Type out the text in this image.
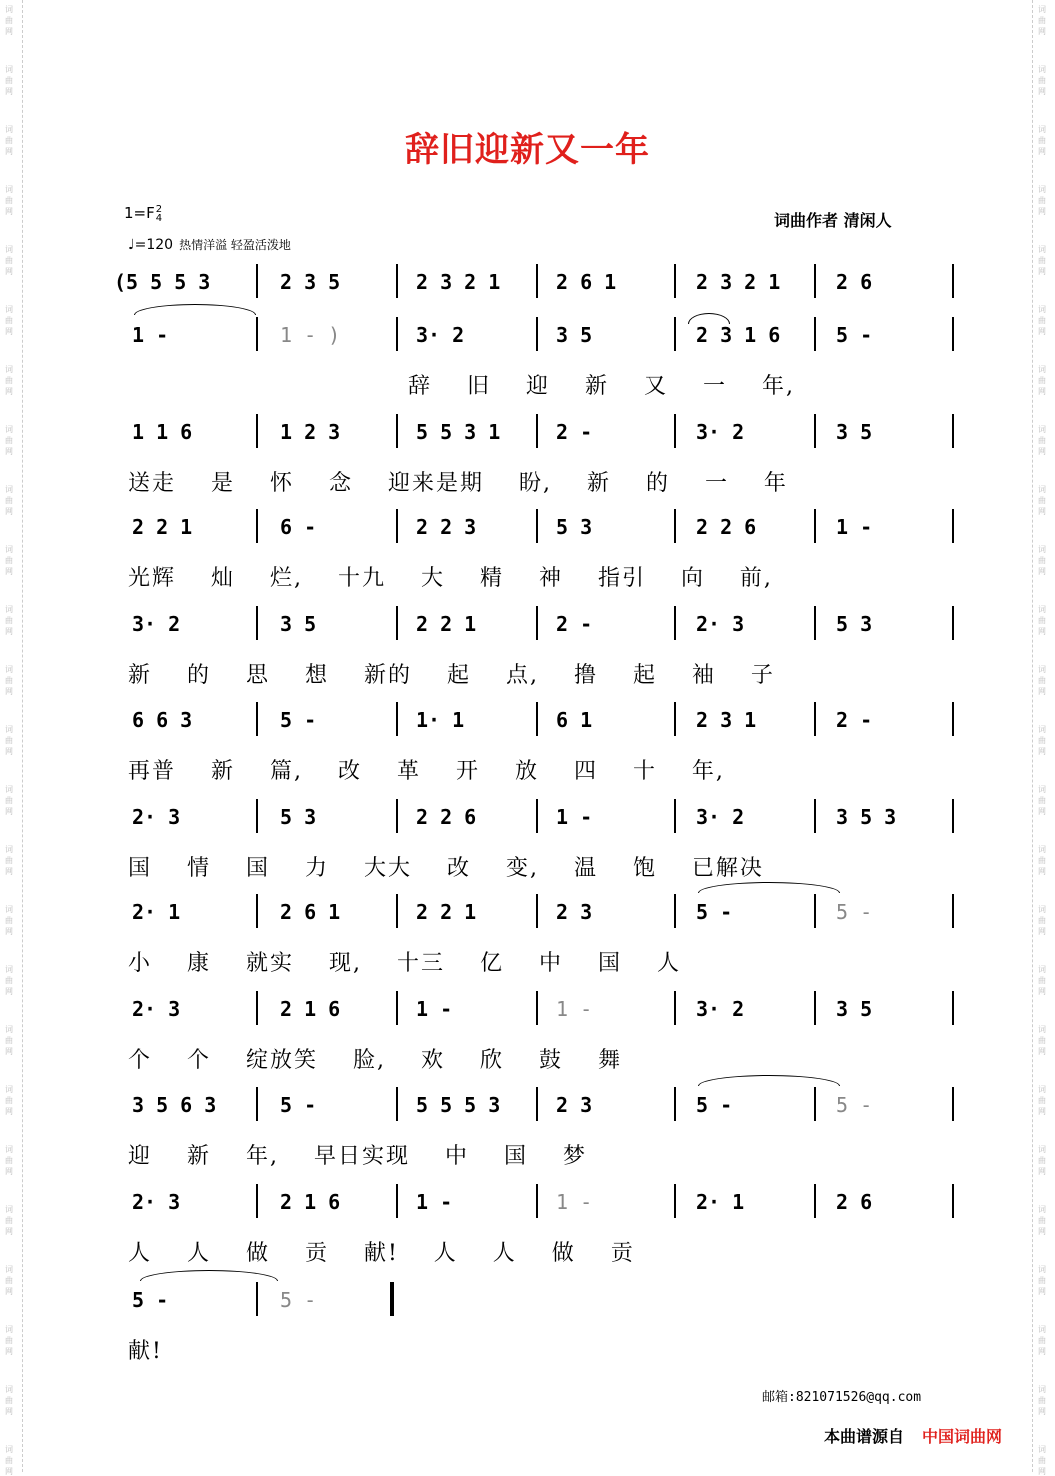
词
曲
网
词
曲
网
词
曲
网
词
曲
网
词
曲
网
词
曲
网
词
曲
网
词
曲
网
词
曲
网
词
曲
网
词
曲
网
词
曲
网
词
曲
网
词
曲
网
词
曲
网
词
曲
网
词
曲
网
词
曲
网
词
曲
网
词
曲
网
词
曲
网
词
曲
网
词
曲
网
词
曲
网
词
曲
网
词
曲
网
词
曲
网
词
曲
网
词
曲
网
词
曲
网
词
曲
网
词
曲
网
词
曲
网
词
曲
网
词
曲
网
词
曲
网
词
曲
网
词
曲
网
词
曲
网
词
曲
网
词
曲
网
词
曲
网
词
曲
网
词
曲
网
词
曲
网
词
曲
网
词
曲
网
词
曲
网
词
曲
网
词
曲
网
辞旧迎新又一年
1=F2
4
♩=120 热情洋溢 轻盈活泼地
词曲作者 清闲人
(5 5 5 3	2 3 5	2 3 2 1	2 6 1	2 3 2 1	2 6
1 -	1 - )	3· 2	3 5	2 3 1 6	5 -
辞 旧 迎 新 又 一 年,
1 1 6	1 2 3	5 5 3 1	2 -	3· 2	3 5
送走 是 怀 念 迎来是期 盼, 新 的 一 年
2 2 1	6 -	2 2 3	5 3	2 2 6	1 -
光辉 灿 烂, 十九 大 精 神 指引 向 前,
3· 2	3 5	2 2 1	2 -	2· 3	5 3
新 的 思 想 新的 起 点, 撸 起 袖 子
6 6 3	5 -	1· 1	6 1	2 3 1	2 -
再普 新 篇, 改 革 开 放 四 十 年,
2· 3	5 3	2 2 6	1 -	3· 2	3 5 3
国 情 国 力 大大 改 变, 温 饱 已解决
2· 1	2 6 1	2 2 1	2 3	5 -	5 -
小 康 就实 现, 十三 亿 中 国 人
2· 3	2 1 6	1 -	1 -	3· 2	3 5
个 个 绽放笑 脸, 欢 欣 鼓 舞
3 5 6 3	5 -	5 5 5 3	2 3	5 -	5 -
迎 新 年, 早日实现 中 国 梦
2· 3	2 1 6	1 -	1 -	2· 1	2 6
人 人 做 贡 献! 人 人 做 贡
5 -	5 -
献!
邮箱:821071526@qq.com
本曲谱源自 中国词曲网
